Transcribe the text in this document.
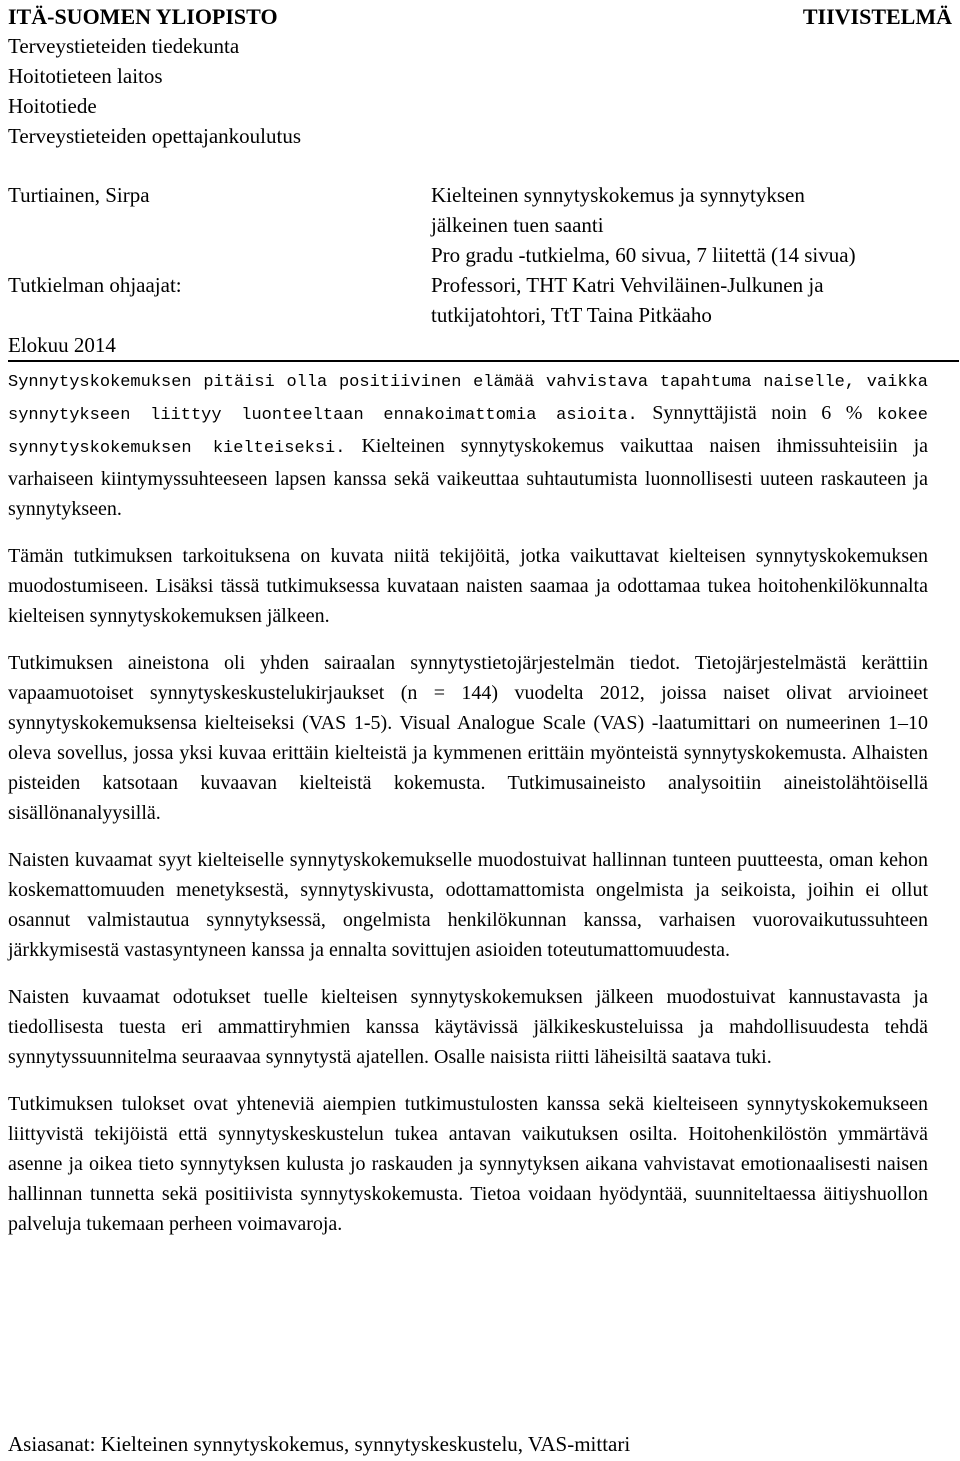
ITÄ-SUOMEN YLIOPISTO
Terveystieteiden tiedekunta
Hoitotieteen laitos
Hoitotiede
Terveystieteiden opettajankoulutus
TIIVISTELMÄ
Turtiainen, Sirpa
Tutkielman ohjaajat:
Elokuu 2014
Kielteinen synnytyskokemus ja synnytyksen
jälkeinen tuen saanti
Pro gradu -tutkielma, 60 sivua, 7 liitettä (14 sivua)
Professori, THT Katri Vehviläinen-Julkunen ja
tutkijatohtori, TtT Taina Pitkäaho

Synnytyskokemuksen pitäisi olla positiivinen elämää vahvistava tapahtuma naiselle, vaikka synnytykseen liittyy luonteeltaan ennakoimattomia asioita. Synnyttäjistä noin 6 % kokee synnytyskokemuksen kielteiseksi. Kielteinen synnytyskokemus vaikuttaa naisen ihmissuhteisiin ja varhaiseen kiintymyssuhteeseen lapsen kanssa sekä vaikeuttaa suhtautumista luonnollisesti uuteen raskauteen ja synnytykseen.

Tämän tutkimuksen tarkoituksena on kuvata niitä tekijöitä, jotka vaikuttavat kielteisen synnytyskokemuksen muodostumiseen. Lisäksi tässä tutkimuksessa kuvataan naisten saamaa ja odottamaa tukea hoitohenkilökunnalta kielteisen synnytyskokemuksen jälkeen.

Tutkimuksen aineistona oli yhden sairaalan synnytystietojärjestelmän tiedot. Tietojärjestelmästä kerättiin vapaamuotoiset synnytyskeskustelukirjaukset (n = 144) vuodelta 2012, joissa naiset olivat arvioineet synnytyskokemuksensa kielteiseksi (VAS 1-5). Visual Analogue Scale (VAS) -laatumittari on numeerinen 1–10 oleva sovellus, jossa yksi kuvaa erittäin kielteistä ja kymmenen erittäin myönteistä synnytyskokemusta. Alhaisten pisteiden katsotaan kuvaavan kielteistä kokemusta. Tutkimusaineisto analysoitiin aineistolähtöisellä sisällönanalyysillä.

Naisten kuvaamat syyt kielteiselle synnytyskokemukselle muodostuivat hallinnan tunteen puutteesta, oman kehon koskemattomuuden menetyksestä, synnytyskivusta, odottamattomista ongelmista ja seikoista, joihin ei ollut osannut valmistautua synnytyksessä, ongelmista henkilökunnan kanssa, varhaisen vuorovaikutussuhteen järkkymisestä vastasyntyneen kanssa ja ennalta sovittujen asioiden toteutumattomuudesta.

Naisten kuvaamat odotukset tuelle kielteisen synnytyskokemuksen jälkeen muodostuivat kannustavasta ja tiedollisesta tuesta eri ammattiryhmien kanssa käytävissä jälkikeskusteluissa ja mahdollisuudesta tehdä synnytyssuunnitelma seuraavaa synnytystä ajatellen. Osalle naisista riitti läheisiltä saatava tuki.

Tutkimuksen tulokset ovat yhteneviä aiempien tutkimustulosten kanssa sekä kielteiseen synnytyskokemukseen liittyvistä tekijöistä että synnytyskeskustelun tukea antavan vaikutuksen osilta. Hoitohenkilöstön ymmärtävä asenne ja oikea tieto synnytyksen kulusta jo raskauden ja synnytyksen aikana vahvistavat emotionaalisesti naisen hallinnan tunnetta sekä positiivista synnytyskokemusta. Tietoa voidaan hyödyntää, suunniteltaessa äitiyshuollon palveluja tukemaan perheen voimavaroja.

Asiasanat: Kielteinen synnytyskokemus, synnytyskeskustelu, VAS-mittari
